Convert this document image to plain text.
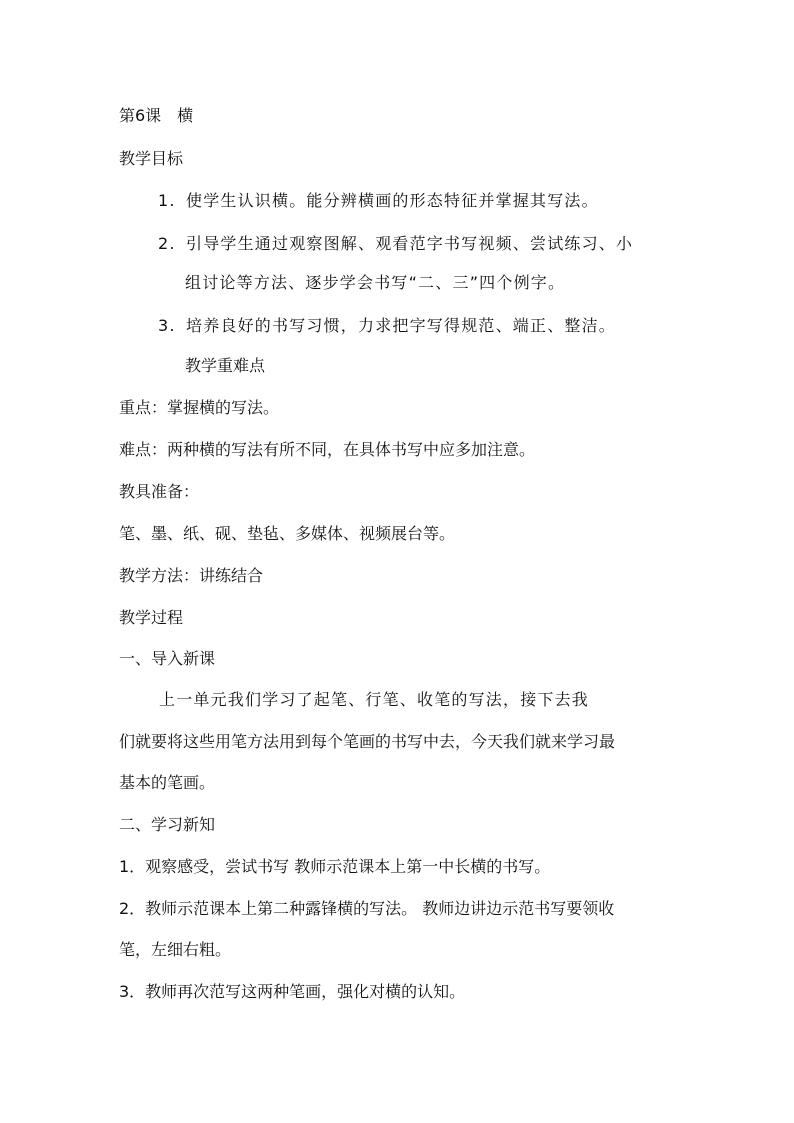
第6课　横
教学目标
1. 使学生认识横。能分辨横画的形态特征并掌握其写法。
2. 引导学生通过观察图解、观看范字书写视频、尝试练习、小
组讨论等方法、逐步学会书写“二、三”四个例字。
3. 培养良好的书写习惯，力求把字写得规范、端正、整洁。
教学重难点
重点：掌握横的写法。
难点：两种横的写法有所不同，在具体书写中应多加注意。
教具准备：
笔、墨、纸、砚、垫毡、多媒体、视频展台等。
教学方法：讲练结合
教学过程
一、导入新课
上一单元我们学习了起笔、行笔、收笔的写法，接下去我
们就要将这些用笔方法用到每个笔画的书写中去，今天我们就来学习最
基本的笔画。
二、学习新知
1．观察感受，尝试书写 教师示范课本上第一中长横的书写。
2．教师示范课本上第二种露锋横的写法。 教师边讲边示范书写要领收
笔，左细右粗。
3．教师再次范写这两种笔画，强化对横的认知。
